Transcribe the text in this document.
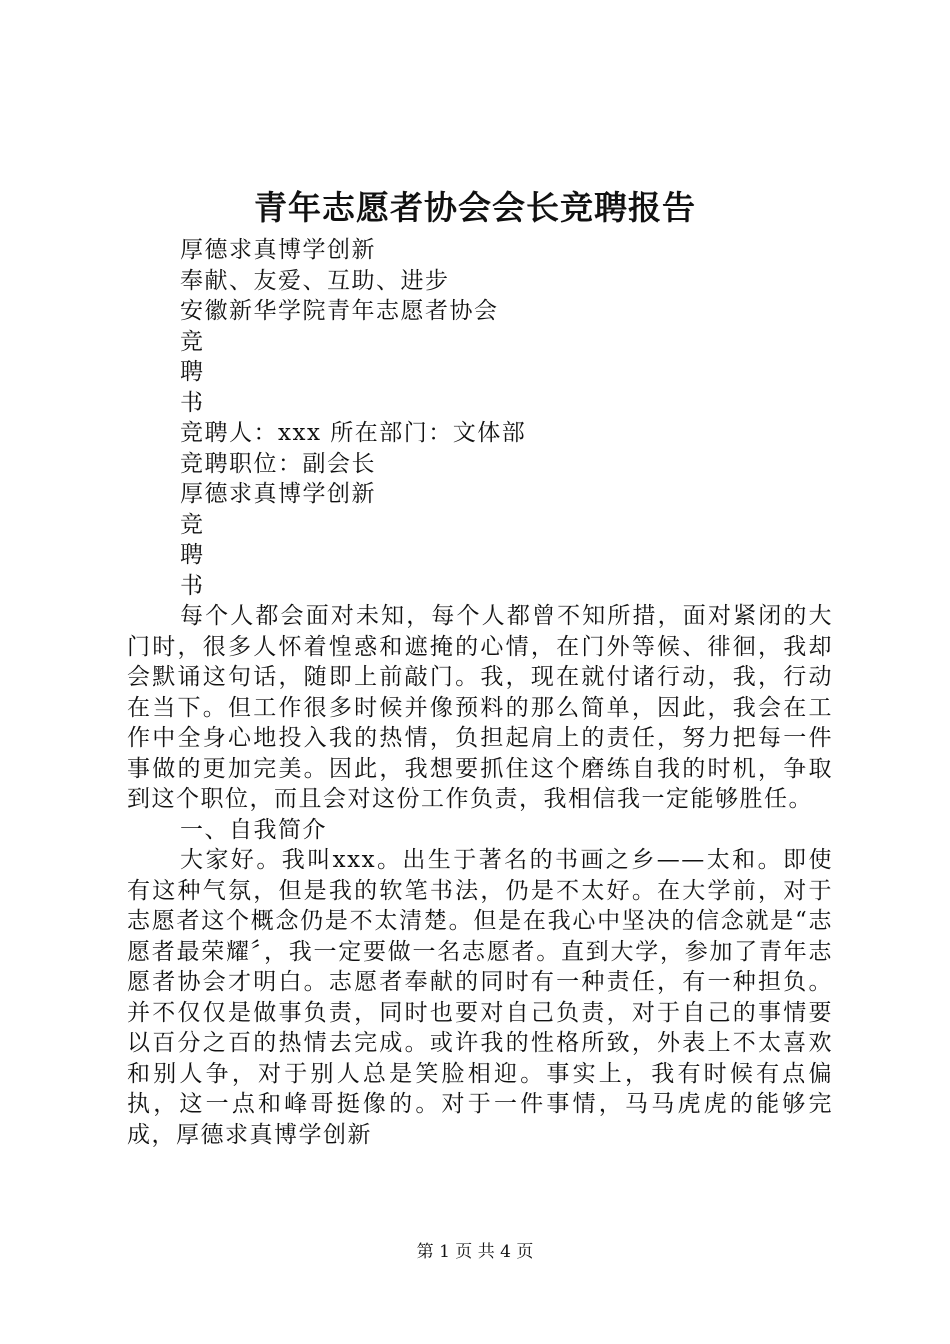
青年志愿者协会会长竞聘报告
厚德求真博学创新
奉献、友爱、互助、进步
安徽新华学院青年志愿者协会
竞
聘
书
竞聘人：xxx 所在部门：文体部
竞聘职位：副会长
厚德求真博学创新
竞
聘
书

每个人都会面对未知，每个人都曾不知所措，面对紧闭的大门时，很多人怀着惶惑和遮掩的心情，在门外等候、徘徊，我却会默诵这句话，随即上前敲门。我，现在就付诸行动，我，行动在当下。但工作很多时候并像预料的那么简单，因此，我会在工作中全身心地投入我的热情，负担起肩上的责任，努力把每一件事做的更加完美。因此，我想要抓住这个磨练自我的时机，争取到这个职位，而且会对这份工作负责，我相信我一定能够胜任。

一、自我简介

大家好。我叫xxx。出生于著名的书画之乡——太和。即使有这种气氛，但是我的软笔书法，仍是不太好。在大学前，对于志愿者这个概念仍是不太清楚。但是在我心中坚决的信念就是“志愿者最荣耀〞，我一定要做一名志愿者。直到大学，参加了青年志愿者协会才明白。志愿者奉献的同时有一种责任，有一种担负。并不仅仅是做事负责，同时也要对自己负责，对于自己的事情要以百分之百的热情去完成。或许我的性格所致，外表上不太喜欢和别人争，对于别人总是笑脸相迎。事实上，我有时候有点偏执，这一点和峰哥挺像的。对于一件事情，马马虎虎的能够完成，厚德求真博学创新

第 1 页 共 4 页
